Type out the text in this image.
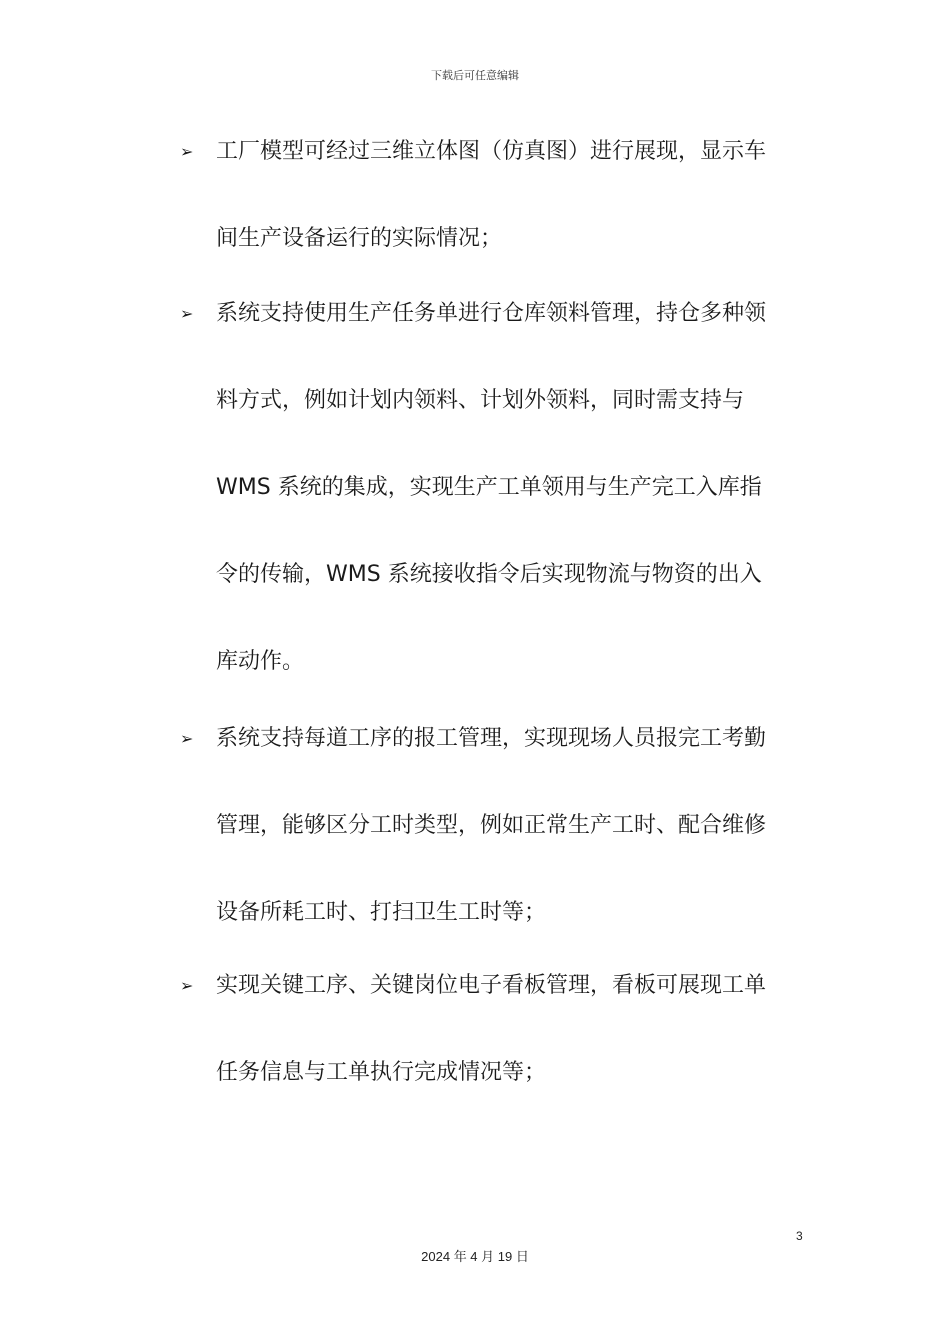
下载后可任意编辑
➢ 工厂模型可经过三维立体图（仿真图）进行展现，显示车
间生产设备运行的实际情况；
➢ 系统支持使用生产任务单进行仓库领料管理，持仓多种领
料方式，例如计划内领料、计划外领料，同时需支持与
WMS 系统的集成，实现生产工单领用与生产完工入库指
令的传输，WMS 系统接收指令后实现物流与物资的出入
库动作。
➢ 系统支持每道工序的报工管理，实现现场人员报完工考勤
管理，能够区分工时类型，例如正常生产工时、配合维修
设备所耗工时、打扫卫生工时等；
➢ 实现关键工序、关键岗位电子看板管理，看板可展现工单
任务信息与工单执行完成情况等；
3
2024 年 4 月 19 日
